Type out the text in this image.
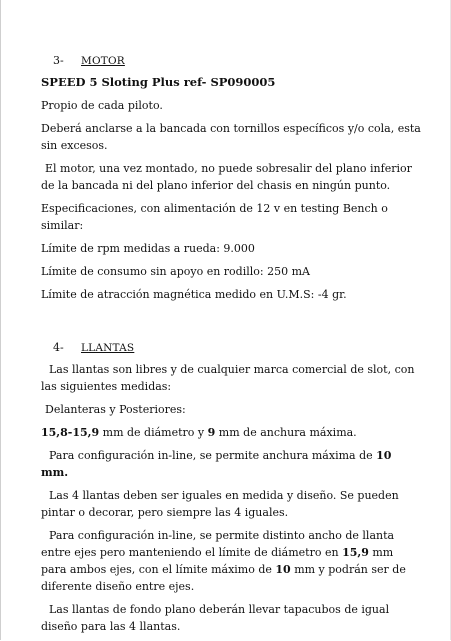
3-	MOTOR
SPEED 5 Sloting Plus ref- SP090005

Propio de cada piloto.

Deberá anclarse a la bancada con tornillos específicos y/o cola, esta sin excesos.

El motor, una vez montado, no puede sobresalir del plano inferior de la bancada ni del plano inferior del chasis en ningún punto.

Especificaciones, con alimentación de 12 v en testing Bench o similar:

Límite de rpm medidas a rueda: 9.000

Límite de consumo sin apoyo en rodillo: 250 mA

Límite de atracción magnética medido en U.M.S: -4 gr.

4-	LLANTAS

Las llantas son libres y de cualquier marca comercial de slot, con las siguientes medidas:

Delanteras y Posteriores:

15,8-15,9 mm de diámetro y 9 mm de anchura máxima.

Para configuración in-line, se permite anchura máxima de 10 mm.

Las 4 llantas deben ser iguales en medida y diseño. Se pueden pintar o decorar, pero siempre las 4 iguales.

Para configuración in-line, se permite distinto ancho de llanta entre ejes pero manteniendo el límite de diámetro en 15,9 mm para ambos ejes, con el límite máximo de 10 mm y podrán ser de diferente diseño entre ejes.

Las llantas de fondo plano deberán llevar tapacubos de igual diseño para las 4 llantas.
